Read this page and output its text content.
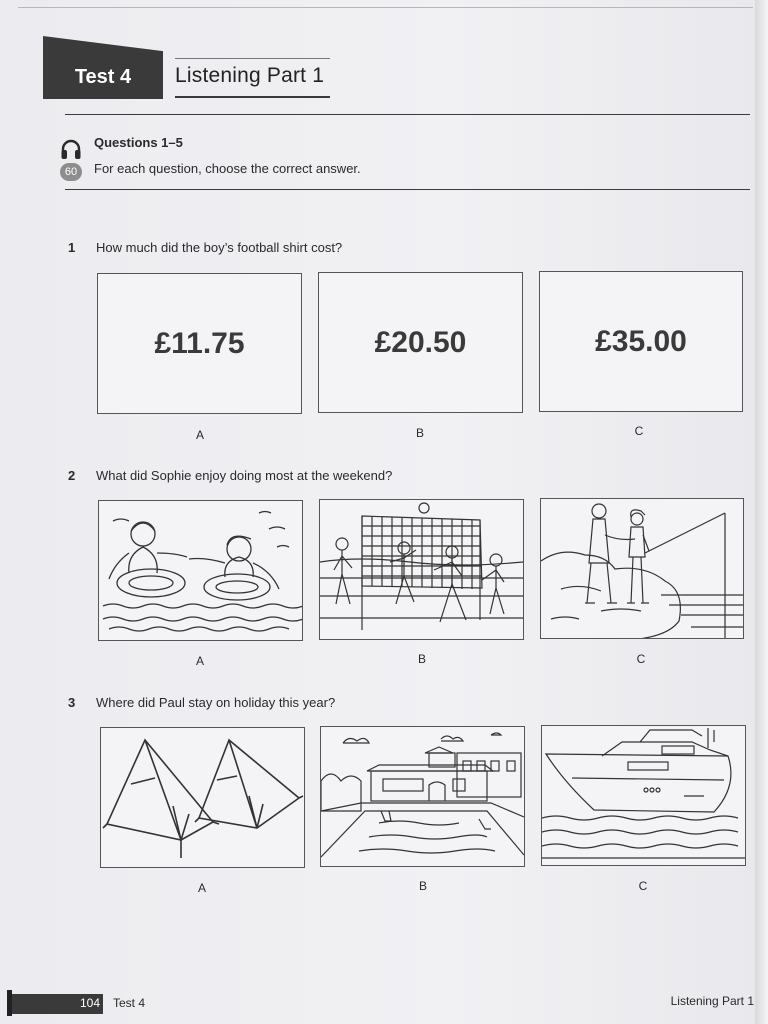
Test 4	Listening Part 1
60
Questions 1–5
For each question, choose the correct answer.
1 How much did the boy’s football shirt cost?
£11.75	£20.50	£35.00
A	B	C
2 What did Sophie enjoy doing most at the weekend?
A	B	C
3 Where did Paul stay on holiday this year?
A	B	C
104 Test 4	Listening Part 1
